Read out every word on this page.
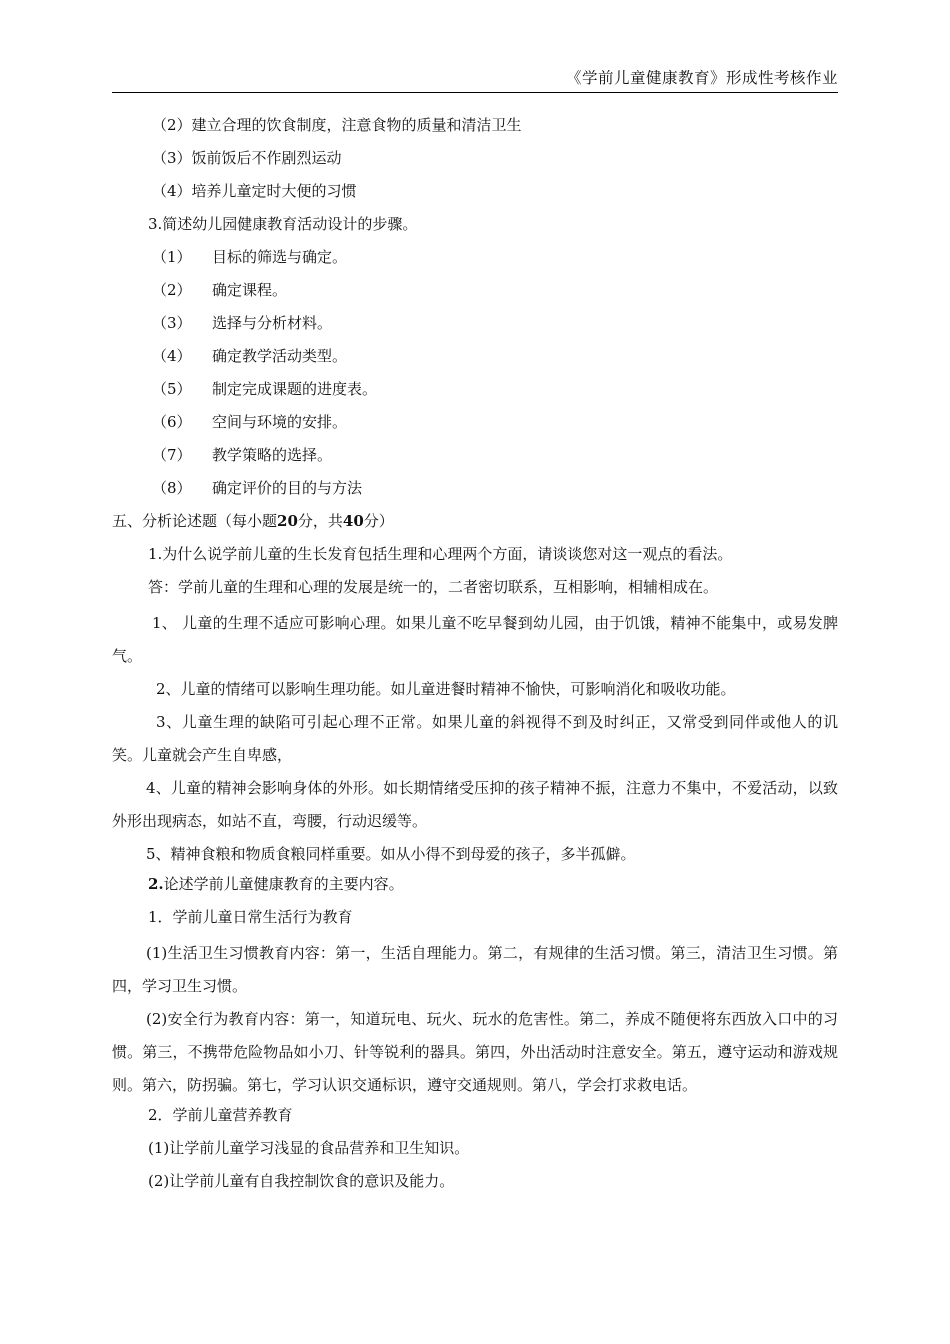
《学前儿童健康教育》形成性考核作业
（2）建立合理的饮食制度，注意食物的质量和清洁卫生
（3）饭前饭后不作剧烈运动
（4）培养儿童定时大便的习惯
3.简述幼儿园健康教育活动设计的步骤。
（1） 目标的筛选与确定。
（2） 确定课程。
（3） 选择与分析材料。
（4） 确定教学活动类型。
（5） 制定完成课题的进度表。
（6） 空间与环境的安排。
（7） 教学策略的选择。
（8） 确定评价的目的与方法
五、分析论述题（每小题20分，共40分）
1.为什么说学前儿童的生长发育包括生理和心理两个方面，请谈谈您对这一观点的看法。
答：学前儿童的生理和心理的发展是统一的，二者密切联系，互相影响，相辅相成在。

1、 儿童的生理不适应可影响心理。如果儿童不吃早餐到幼儿园，由于饥饿，精神不能集中，或易发脾气。

2、儿童的情绪可以影响生理功能。如儿童进餐时精神不愉快，可影响消化和吸收功能。

3、儿童生理的缺陷可引起心理不正常。如果儿童的斜视得不到及时纠正，又常受到同伴或他人的讥笑。儿童就会产生自卑感，

4、儿童的精神会影响身体的外形。如长期情绪受压抑的孩子精神不振，注意力不集中，不爱活动，以致外形出现病态，如站不直，弯腰，行动迟缓等。

5、精神食粮和物质食粮同样重要。如从小得不到母爱的孩子，多半孤僻。

2.论述学前儿童健康教育的主要内容。
1．学前儿童日常生活行为教育

(1)生活卫生习惯教育内容：第一，生活自理能力。第二，有规律的生活习惯。第三，清洁卫生习惯。第四，学习卫生习惯。

(2)安全行为教育内容：第一，知道玩电、玩火、玩水的危害性。第二，养成不随便将东西放入口中的习惯。第三，不携带危险物品如小刀、针等锐利的器具。第四，外出活动时注意安全。第五，遵守运动和游戏规则。第六，防拐骗。第七，学习认识交通标识，遵守交通规则。第八，学会打求救电话。

2．学前儿童营养教育
(1)让学前儿童学习浅显的食品营养和卫生知识。
(2)让学前儿童有自我控制饮食的意识及能力。
